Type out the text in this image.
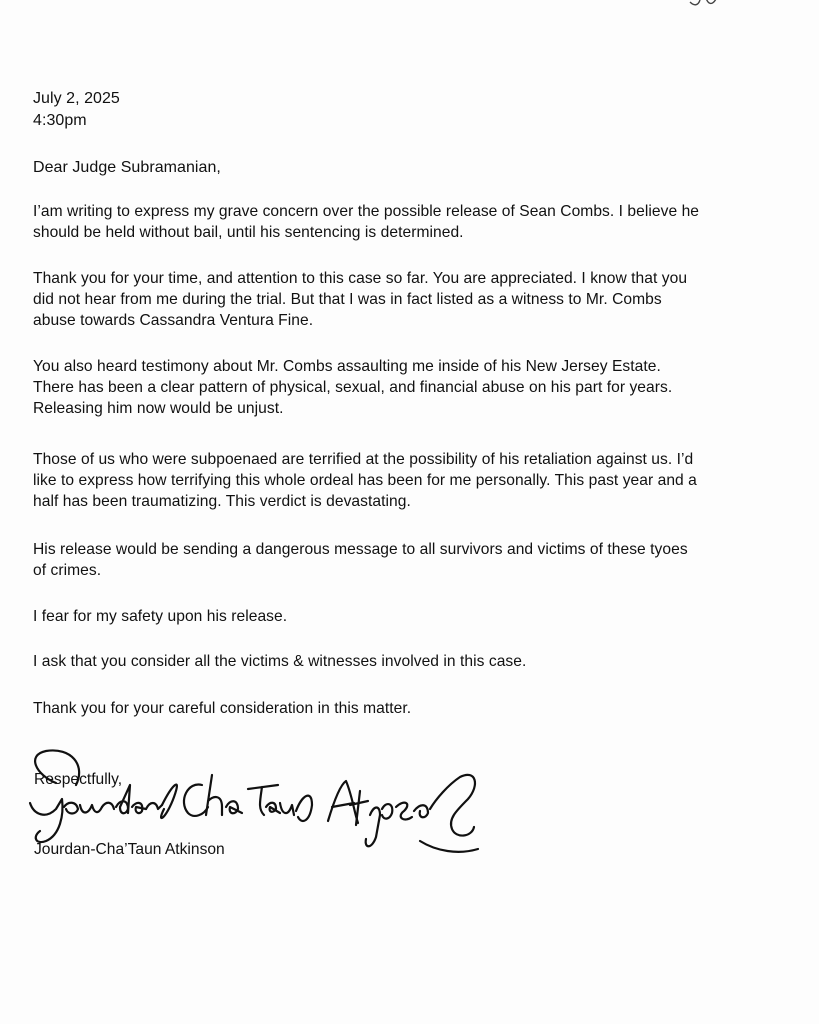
July 2, 2025

4:30pm

Dear Judge Subramanian,

I’am writing to express my grave concern over the possible release of Sean Combs. I believe he
should be held without bail, until his sentencing is determined.

Thank you for your time, and attention to this case so far. You are appreciated. I know that you
did not hear from me during the trial. But that I was in fact listed as a witness to Mr. Combs
abuse towards Cassandra Ventura Fine.

You also heard testimony about Mr. Combs assaulting me inside of his New Jersey Estate.
There has been a clear pattern of physical, sexual, and financial abuse on his part for years.
Releasing him now would be unjust.

Those of us who were subpoenaed are terrified at the possibility of his retaliation against us. I’d
like to express how terrifying this whole ordeal has been for me personally. This past year and a
half has been traumatizing. This verdict is devastating.

His release would be sending a dangerous message to all survivors and victims of these tyoes
of crimes.

I fear for my safety upon his release.

I ask that you consider all the victims & witnesses involved in this case.

Thank you for your careful consideration in this matter.

Respectfully,
Jourdan-Cha’Taun Atkinson
